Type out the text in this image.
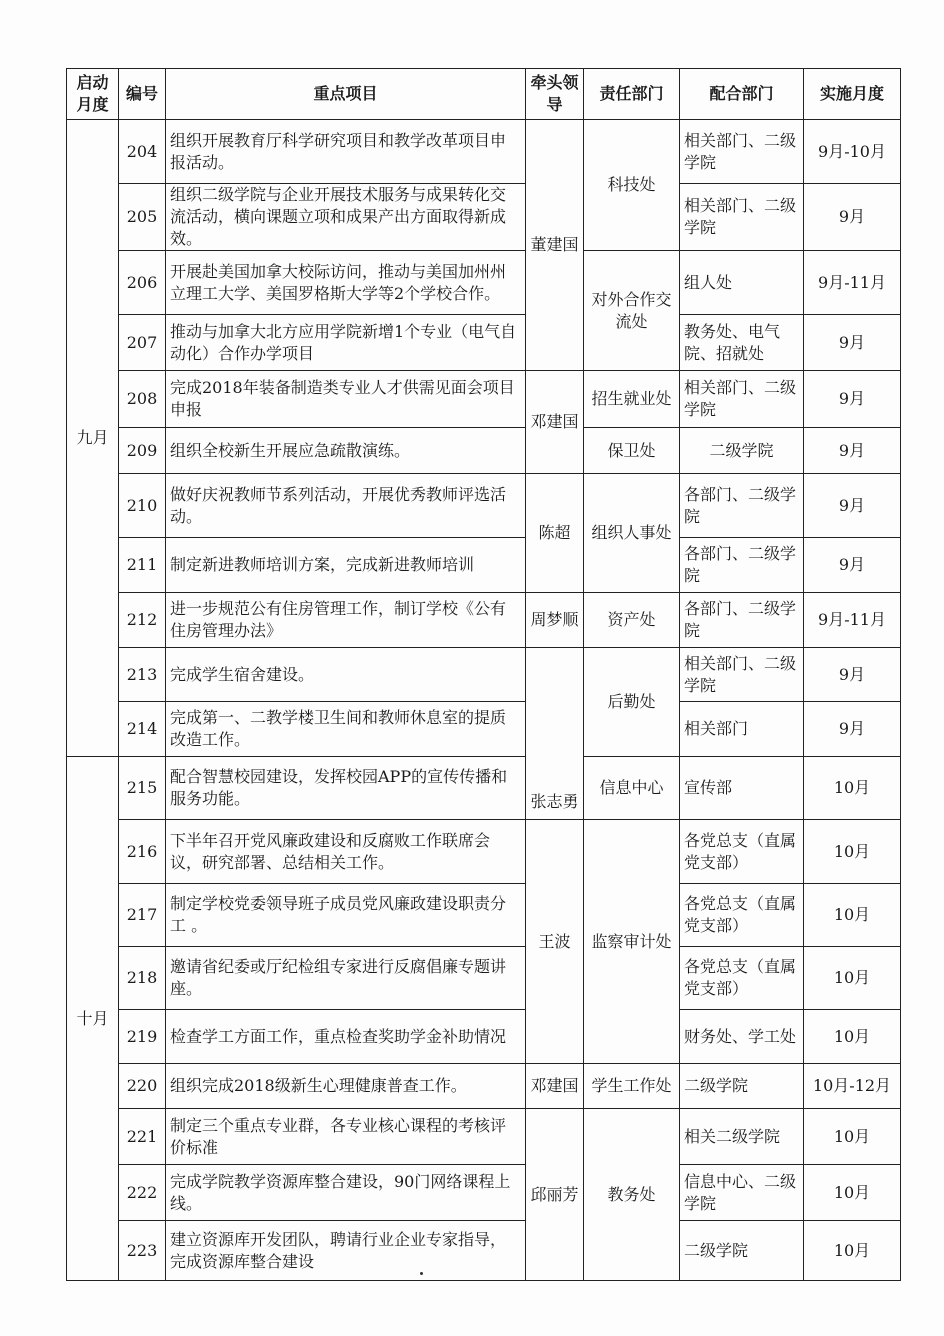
启动月度	编号	重点项目	牵头领导	责任部门	配合部门	实施月度
九月	204	组织开展教育厅科学研究项目和教学改革项目申报活动。	董建国	科技处	相关部门、二级学院	9月-10月
	205	组织二级学院与企业开展技术服务与成果转化交流活动，横向课题立项和成果产出方面取得新成效。			相关部门、二级学院	9月
	206	开展赴美国加拿大校际访问，推动与美国加州州立理工大学、美国罗格斯大学等2个学校合作。		对外合作交流处	组人处	9月-11月
	207	推动与加拿大北方应用学院新增1个专业（电气自动化）合作办学项目			教务处、电气院、招就处	9月
	208	完成2018年装备制造类专业人才供需见面会项目申报	邓建国	招生就业处	相关部门、二级学院	9月
	209	组织全校新生开展应急疏散演练。		保卫处	二级学院	9月
	210	做好庆祝教师节系列活动，开展优秀教师评选活动。	陈超	组织人事处	各部门、二级学院	9月
	211	制定新进教师培训方案，完成新进教师培训			各部门、二级学院	9月
	212	进一步规范公有住房管理工作，制订学校《公有住房管理办法》	周梦顺	资产处	各部门、二级学院	9月-11月
	213	完成学生宿舍建设。	张志勇	后勤处	相关部门、二级学院	9月
	214	完成第一、二教学楼卫生间和教师休息室的提质改造工作。			相关部门	9月
十月	215	配合智慧校园建设，发挥校园APP的宣传传播和服务功能。		信息中心	宣传部	10月
	216	下半年召开党风廉政建设和反腐败工作联席会议，研究部署、总结相关工作。	王波	监察审计处	各党总支（直属党支部）	10月
	217	制定学校党委领导班子成员党风廉政建设职责分工 。			各党总支（直属党支部）	10月
	218	邀请省纪委或厅纪检组专家进行反腐倡廉专题讲座。			各党总支（直属党支部）	10月
	219	检查学工方面工作，重点检查奖助学金补助情况			财务处、学工处	10月
	220	组织完成2018级新生心理健康普查工作。	邓建国	学生工作处	二级学院	10月-12月
	221	制定三个重点专业群，各专业核心课程的考核评价标准	邱丽芳	教务处	相关二级学院	10月
	222	完成学院教学资源库整合建设，90门网络课程上线。			信息中心、二级学院	10月
	223	建立资源库开发团队，聘请行业企业专家指导，完成资源库整合建设			二级学院	10月
